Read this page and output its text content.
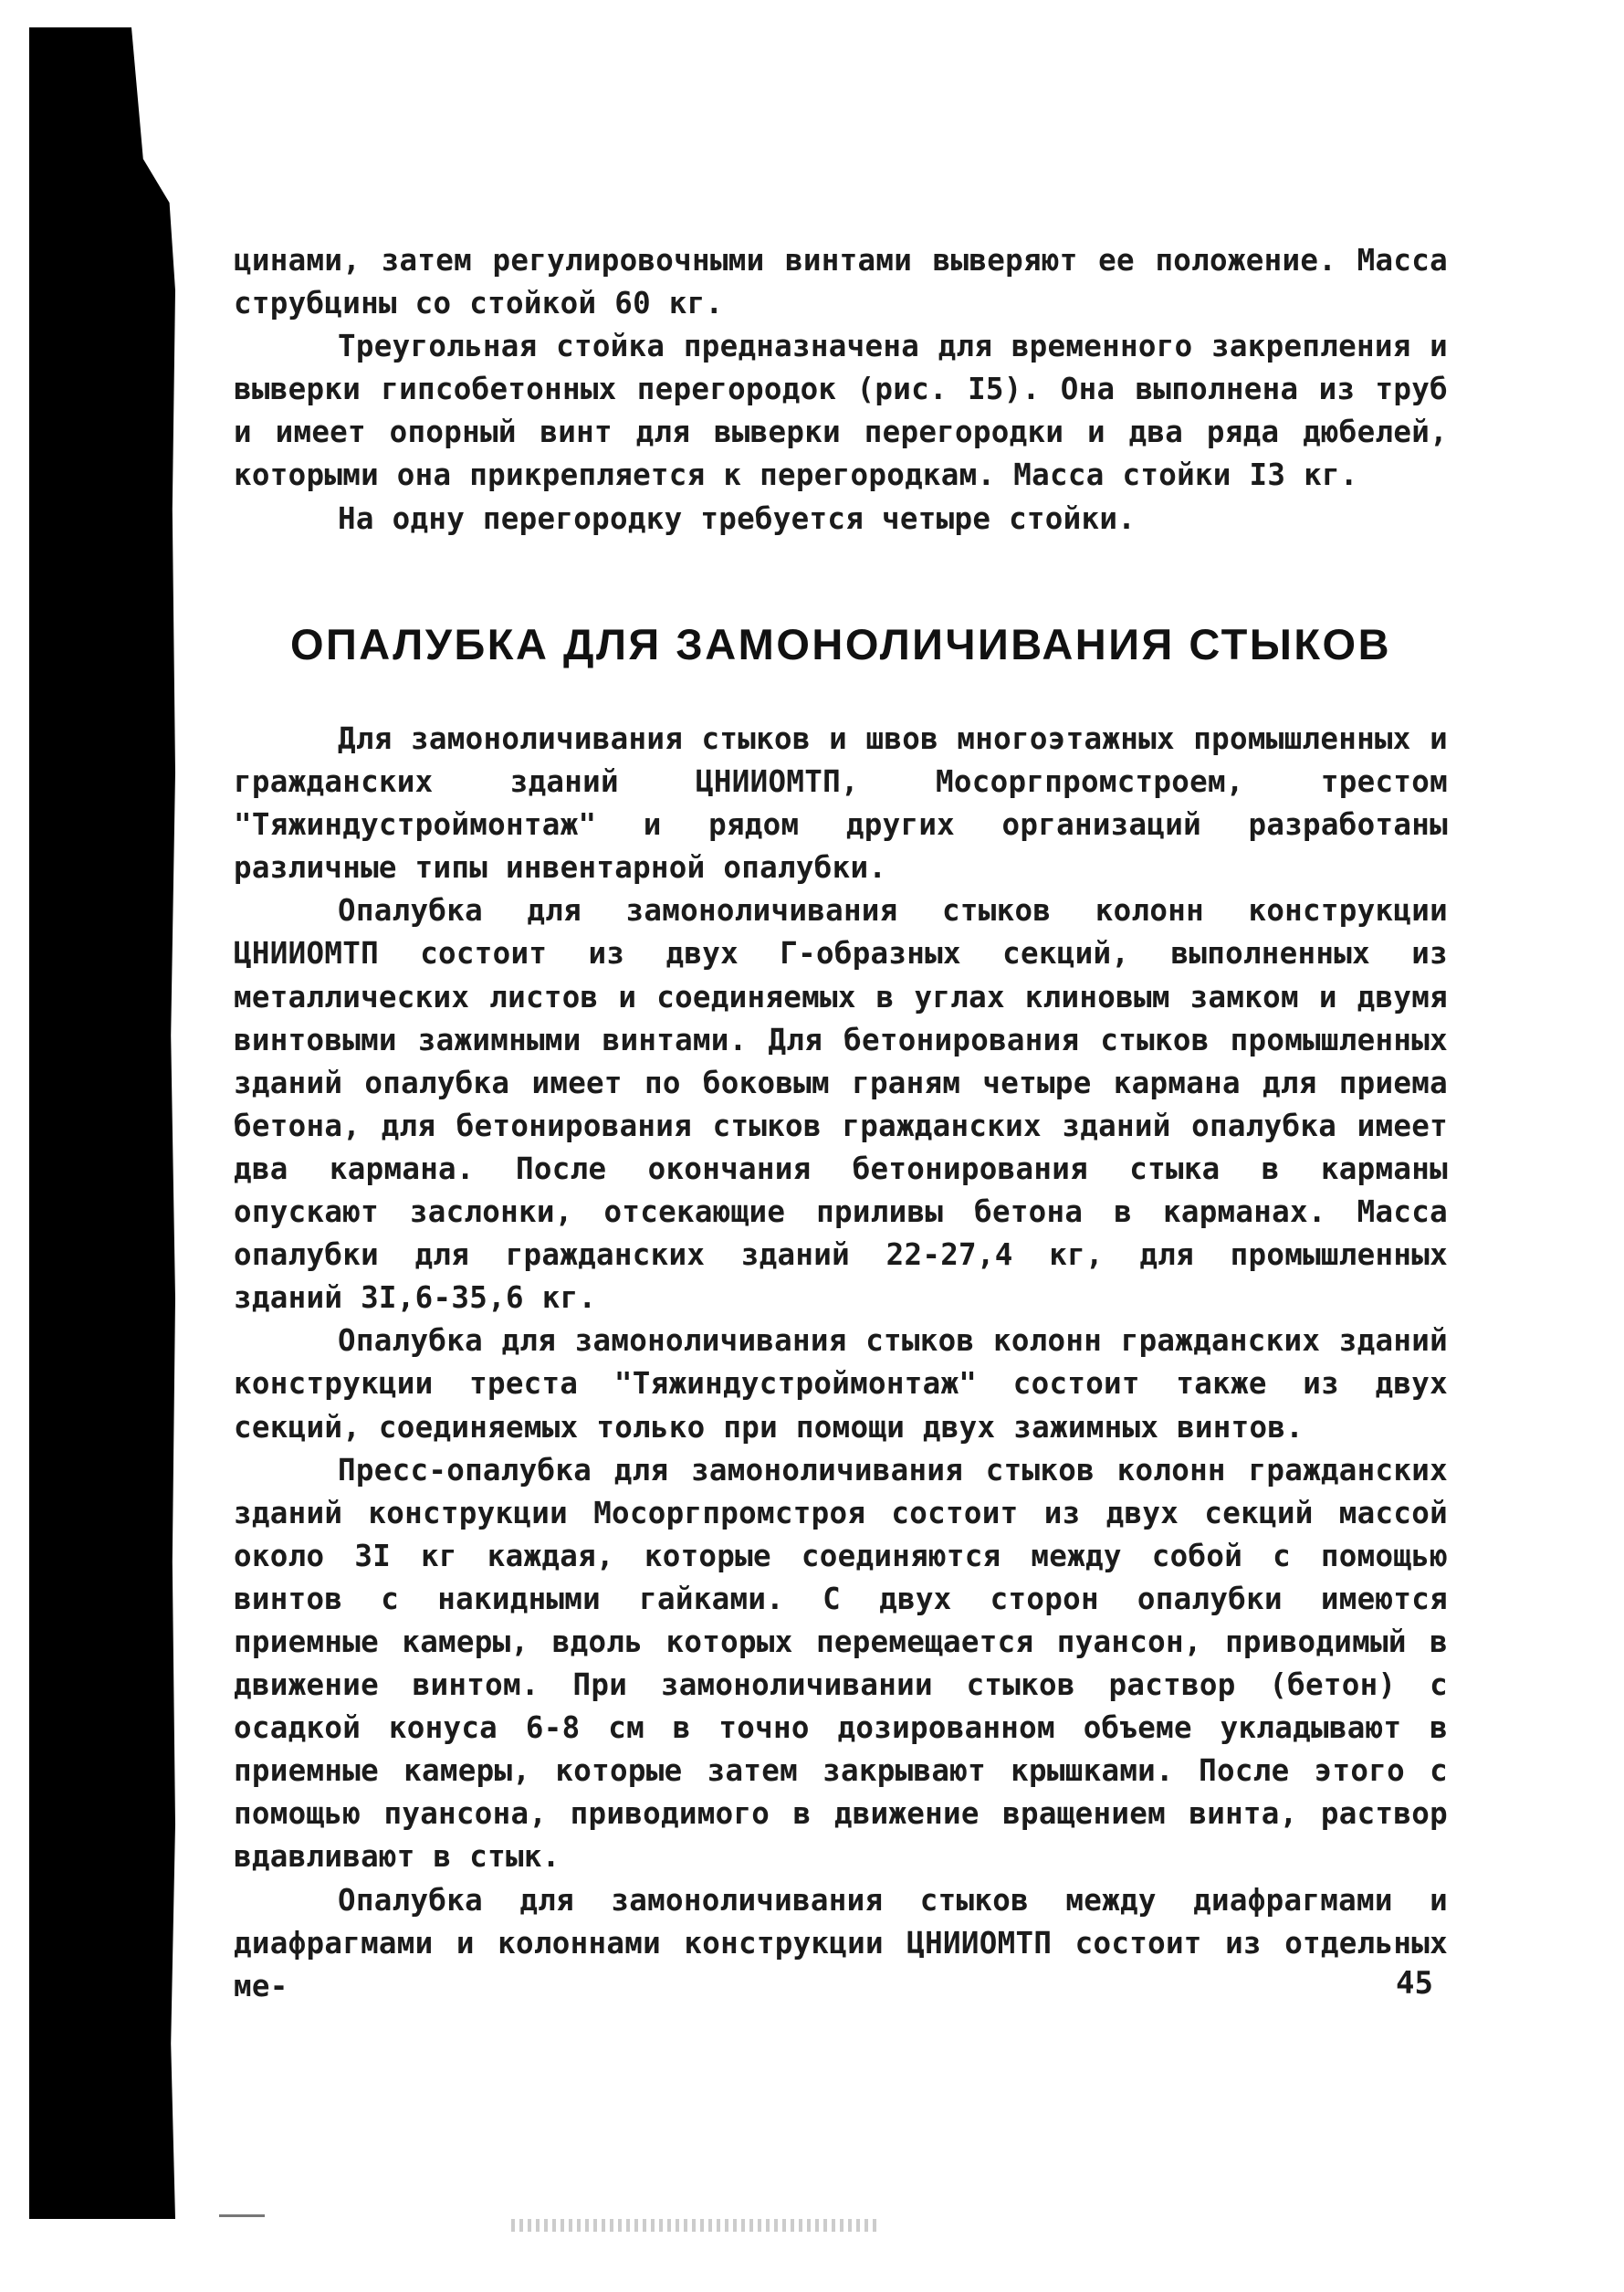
цинами, затем регулировочными винтами выверяют ее положение. Масса струбцины со стойкой 60 кг.

Треугольная стойка предназначена для временного закрепления и выверки гипсобетонных перегородок (рис. I5). Она выполнена из труб и имеет опорный винт для выверки перегородки и два ряда дюбелей, которыми она прикрепляется к перегородкам. Масса стойки I3 кг.

На одну перегородку требуется четыре стойки.

ОПАЛУБКА ДЛЯ ЗАМОНОЛИЧИВАНИЯ СТЫКОВ

Для замоноличивания стыков и швов многоэтажных промышленных и гражданских зданий ЦНИИОМТП, Мосоргпромстроем, трестом "Тяжиндустроймонтаж" и рядом других организаций разработаны различные типы инвентарной опалубки.

Опалубка для замоноличивания стыков колонн конструкции ЦНИИОМТП состоит из двух Г-образных секций, выполненных из металлических листов и соединяемых в углах клиновым замком и двумя винтовыми зажимными винтами. Для бетонирования стыков промышленных зданий опалубка имеет по боковым граням четыре кармана для приема бетона, для бетонирования стыков гражданских зданий опалубка имеет два кармана. После окончания бетонирования стыка в карманы опускают заслонки, отсекающие приливы бетона в карманах. Масса опалубки для гражданских зданий 22-27,4 кг, для промышленных зданий 3I,6-35,6 кг.

Опалубка для замоноличивания стыков колонн гражданских зданий конструкции треста "Тяжиндустроймонтаж" состоит также из двух секций, соединяемых только при помощи двух зажимных винтов.

Пресс-опалубка для замоноличивания стыков колонн гражданских зданий конструкции Мосоргпромстроя состоит из двух секций массой около 3I кг каждая, которые соединяются между собой с помощью винтов с накидными гайками. С двух сторон опалубки имеются приемные камеры, вдоль которых перемещается пуансон, приводимый в движение винтом. При замоноличивании стыков раствор (бетон) с осадкой конуса 6-8 см в точно дозированном объеме укладывают в приемные камеры, которые затем закрывают крышками. После этого с помощью пуансона, приводимого в движение вращением винта, раствор вдавливают в стык.

Опалубка для замоноличивания стыков между диафрагмами и диафрагмами и колоннами конструкции ЦНИИОМТП состоит из отдельных ме-	45
